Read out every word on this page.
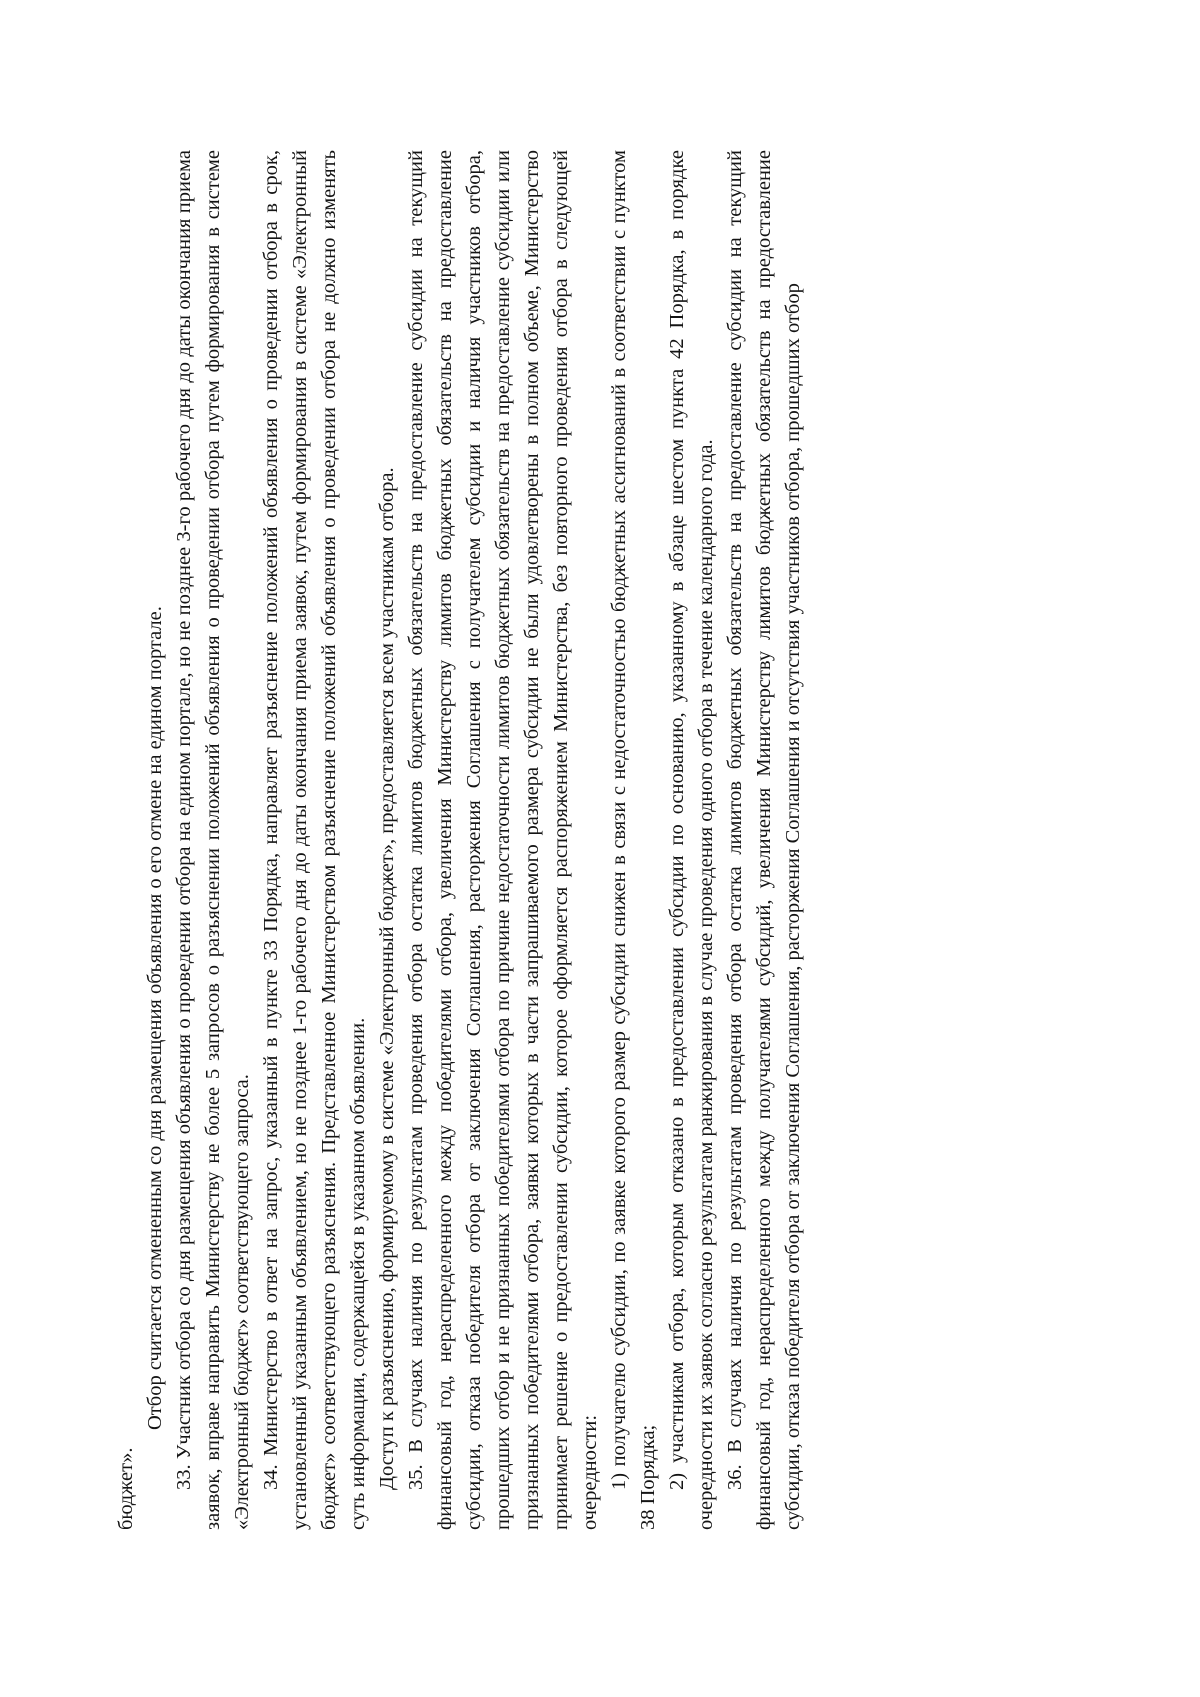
бюджет».

Отбор считается отмененным со дня размещения объявления о его отмене на едином портале. 33. Участник отбора со дня размещения объявления о проведении отбора на едином портале, но не позднее 3-го рабочего дня до даты окончания приема заявок, вправе направить Министерству не более 5 запросов о разъяснении положений объявления о проведении отбора путем формирования в системе «Электронный бюджет» соответствующего запроса. 34. Министерство в ответ на запрос, указанный в пункте 33 Порядка, направляет разъяснение положений объявления о проведении отбора в срок, установленный указанным объявлением, но не позднее 1-го рабочего дня до даты окончания приема заявок, путем формирования в системе «Электронный бюджет» соответствующего разъяснения. Представленное Министерством разъяснение положений объявления о проведении отбора не должно изменять суть информации, содержащейся в указанном объявлении. Доступ к разъяснению, формируемому в системе «Электронный бюджет», предоставляется всем участникам отбора. 35. В случаях наличия по результатам проведения отбора остатка лимитов бюджетных обязательств на предоставление субсидии на текущий финансовый год, нераспределенного между победителями отбора, увеличения Министерству лимитов бюджетных обязательств на предоставление субсидии, отказа победителя отбора от заключения Соглашения, расторжения Соглашения с получателем субсидии и наличия участников отбора, прошедших отбор и не признанных победителями отбора по причине недостаточности лимитов бюджетных обязательств на предоставление субсидии или признанных победителями отбора, заявки которых в части запрашиваемого размера субсидии не были удовлетворены в полном объеме, Министерство принимает решение о предоставлении субсидии, которое оформляется распоряжением Министерства, без повторного проведения отбора в следующей очередности: 1) получателю субсидии, по заявке которого размер субсидии снижен в связи с недостаточностью бюджетных ассигнований в соответствии с пунктом 38 Порядка; 2) участникам отбора, которым отказано в предоставлении субсидии по основанию, указанному в абзаце шестом пункта 42 Порядка, в порядке очередности их заявок согласно результатам ранжирования в случае проведения одного отбора в течение календарного года. 36. В случаях наличия по результатам проведения отбора остатка лимитов бюджетных обязательств на предоставление субсидии на текущий финансовый год, нераспределенного между получателями субсидий, увеличения Министерству лимитов бюджетных обязательств на предоставление субсидии, отказа победителя отбора от заключения Соглашения, расторжения Соглашения и отсутствия участников отбора, прошедших отбор
